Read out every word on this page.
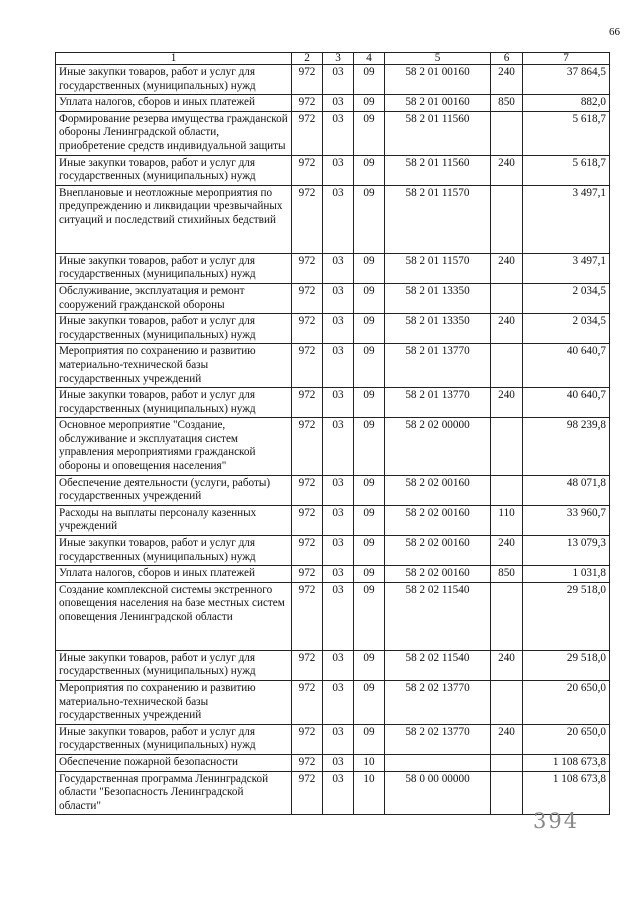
66
1	2	3	4	5	6	7
Иные закупки товаров, работ и услуг для государственных (муниципальных) нужд	972	03	09	58 2 01 00160	240	37 864,5
Уплата налогов, сборов и иных платежей	972	03	09	58 2 01 00160	850	882,0
Формирование резерва имущества гражданской обороны Ленинградской области, приобретение средств индивидуальной защиты	972	03	09	58 2 01 11560		5 618,7
Иные закупки товаров, работ и услуг для государственных (муниципальных) нужд	972	03	09	58 2 01 11560	240	5 618,7
Внеплановые и неотложные мероприятия по предупреждению и ликвидации чрезвычайных ситуаций и последствий стихийных бедствий	972	03	09	58 2 01 11570		3 497,1
Иные закупки товаров, работ и услуг для государственных (муниципальных) нужд	972	03	09	58 2 01 11570	240	3 497,1
Обслуживание, эксплуатация и ремонт сооружений гражданской обороны	972	03	09	58 2 01 13350		2 034,5
Иные закупки товаров, работ и услуг для государственных (муниципальных) нужд	972	03	09	58 2 01 13350	240	2 034,5
Мероприятия по сохранению и развитию материально-технической базы государственных учреждений	972	03	09	58 2 01 13770		40 640,7
Иные закупки товаров, работ и услуг для государственных (муниципальных) нужд	972	03	09	58 2 01 13770	240	40 640,7
Основное мероприятие "Создание, обслуживание и эксплуатация систем управления мероприятиями гражданской обороны и оповещения населения"	972	03	09	58 2 02 00000		98 239,8
Обеспечение деятельности (услуги, работы) государственных учреждений	972	03	09	58 2 02 00160		48 071,8
Расходы на выплаты персоналу казенных учреждений	972	03	09	58 2 02 00160	110	33 960,7
Иные закупки товаров, работ и услуг для государственных (муниципальных) нужд	972	03	09	58 2 02 00160	240	13 079,3
Уплата налогов, сборов и иных платежей	972	03	09	58 2 02 00160	850	1 031,8
Создание комплексной системы экстренного оповещения населения на базе местных систем оповещения Ленинградской области	972	03	09	58 2 02 11540		29 518,0
Иные закупки товаров, работ и услуг для государственных (муниципальных) нужд	972	03	09	58 2 02 11540	240	29 518,0
Мероприятия по сохранению и развитию материально-технической базы государственных учреждений	972	03	09	58 2 02 13770		20 650,0
Иные закупки товаров, работ и услуг для государственных (муниципальных) нужд	972	03	09	58 2 02 13770	240	20 650,0
Обеспечение пожарной безопасности	972	03	10			1 108 673,8
Государственная программа Ленинградской области "Безопасность Ленинградской области"	972	03	10	58 0 00 00000		1 108 673,8
394
